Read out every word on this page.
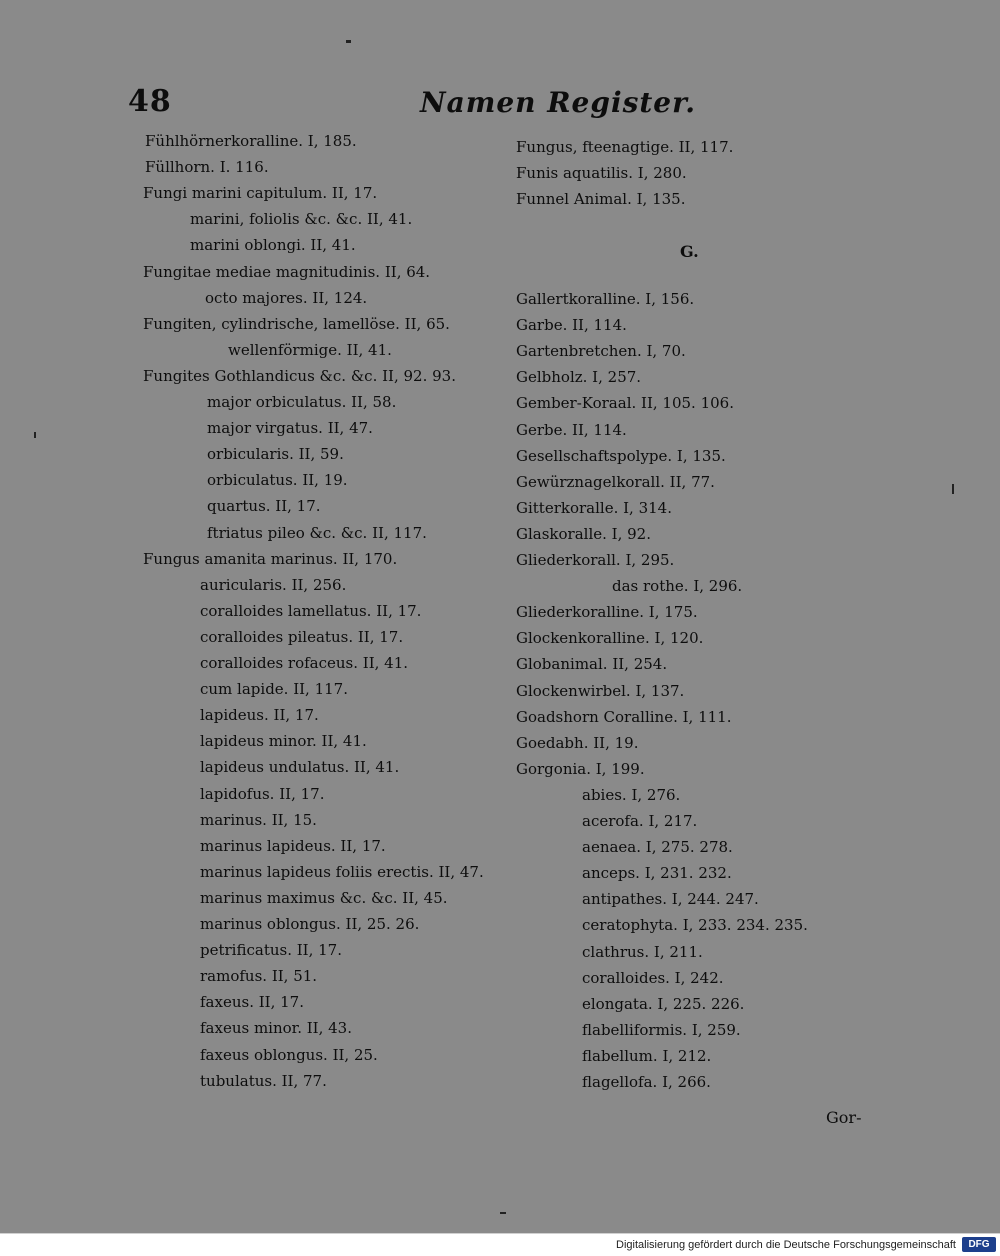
48	Namen Register.
Fühlhörnerkoralline. I, 185.
Füllhorn. I. 116.
Fungi marini capitulum. II, 17.
marini, foliolis &c. &c. II, 41.
marini oblongi. II, 41.
Fungitae mediae magnitudinis. II, 64.
octo majores. II, 124.
Fungiten, cylindrische, lamellöse. II, 65.
wellenförmige. II, 41.
Fungites Gothlandicus &c. &c. II, 92. 93.
major orbiculatus. II, 58.
major virgatus. II, 47.
orbicularis. II, 59.
orbiculatus. II, 19.
quartus. II, 17.
ftriatus pileo &c. &c. II, 117.
Fungus amanita marinus. II, 170.
auricularis. II, 256.
coralloides lamellatus. II, 17.
coralloides pileatus. II, 17.
coralloides rofaceus. II, 41.
cum lapide. II, 117.
lapideus. II, 17.
lapideus minor. II, 41.
lapideus undulatus. II, 41.
lapidofus. II, 17.
marinus. II, 15.
marinus lapideus. II, 17.
marinus lapideus foliis erectis. II, 47.
marinus maximus &c. &c. II, 45.
marinus oblongus. II, 25. 26.
petrificatus. II, 17.
ramofus. II, 51.
faxeus. II, 17.
faxeus minor. II, 43.
faxeus oblongus. II, 25.
tubulatus. II, 77.
Fungus, fteenagtige. II, 117.
Funis aquatilis. I, 280.
Funnel Animal. I, 135.
Gallertkoralline. I, 156.
Garbe. II, 114.
Gartenbretchen. I, 70.
Gelbholz. I, 257.
Gember-Koraal. II, 105. 106.
Gerbe. II, 114.
Gesellschaftspolype. I, 135.
Gewürznagelkorall. II, 77.
Gitterkoralle. I, 314.
Glaskoralle. I, 92.
Gliederkorall. I, 295.
das rothe. I, 296.
Gliederkoralline. I, 175.
Glockenkoralline. I, 120.
Globanimal. II, 254.
Glockenwirbel. I, 137.
Goadshorn Coralline. I, 111.
Goedabh. II, 19.
Gorgonia. I, 199.
abies. I, 276.
acerofa. I, 217.
aenaea. I, 275. 278.
anceps. I, 231. 232.
antipathes. I, 244. 247.
ceratophyta. I, 233. 234. 235.
clathrus. I, 211.
coralloides. I, 242.
elongata. I, 225. 226.
flabelliformis. I, 259.
flabellum. I, 212.
flagellofa. I, 266.
G.
Gor-
Digitalisierung gefördert durch die Deutsche Forschungsgemeinschaft	DFG
